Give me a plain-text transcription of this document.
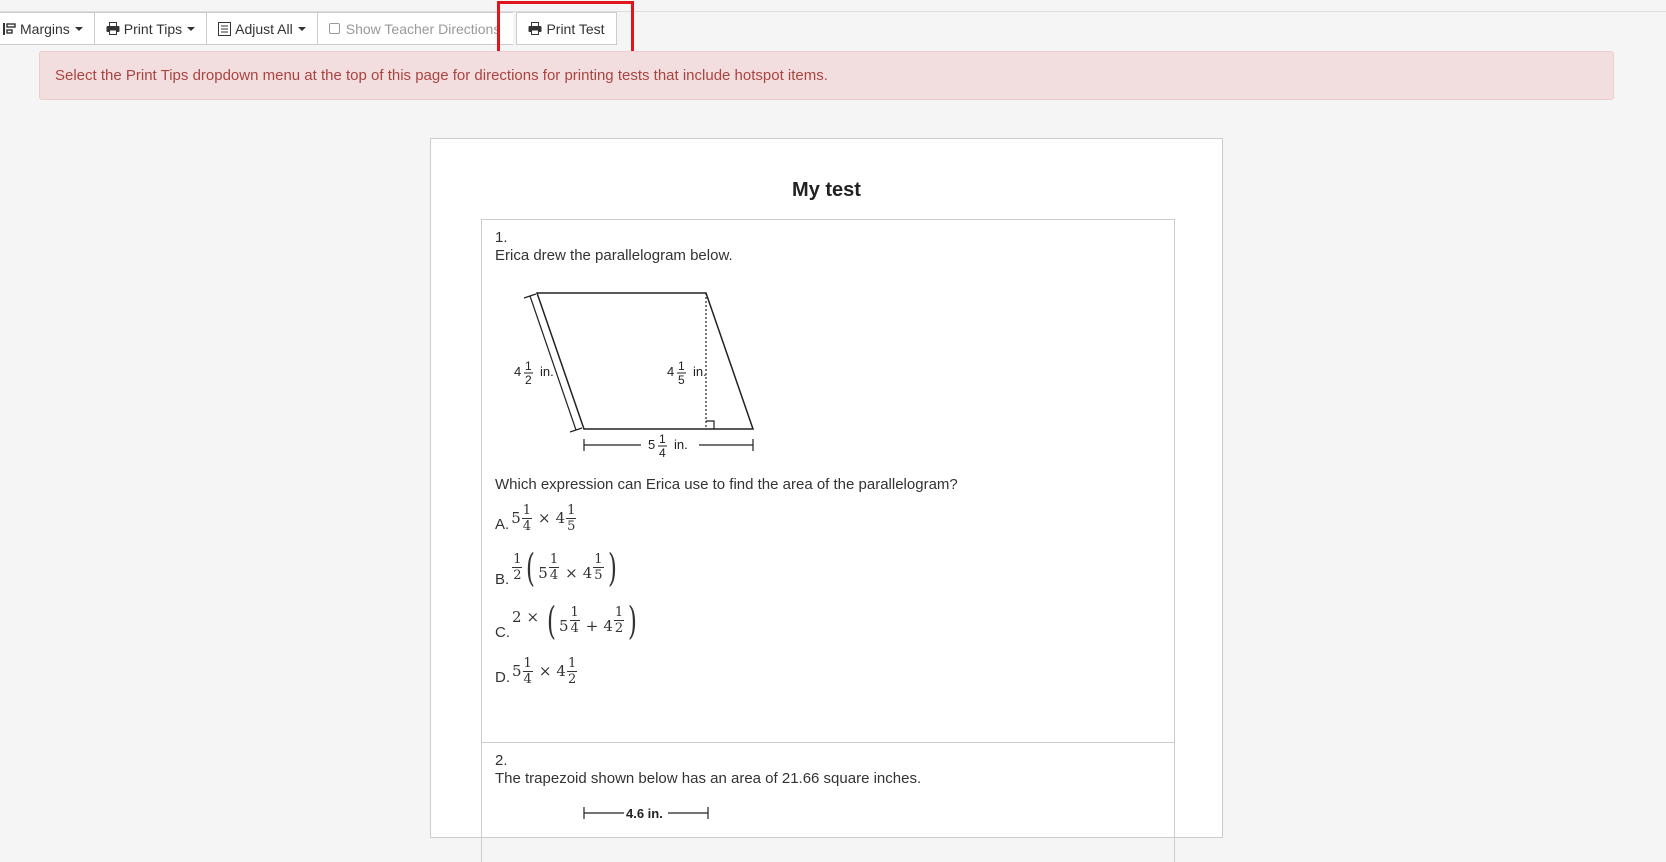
Margins	Print Tips	Adjust All	Show Teacher Directions	Print Test
Select the Print Tips dropdown menu at the top of this page for directions for printing tests that include hotspot items.
My test
1.
Erica drew the parallelogram below.
4 1
2
in.	4 1
5
in.
5 1
4
in.
Which expression can Erica use to find the area of the parallelogram?
A. $5 \frac{1}{4} \times 4 \frac{1}{5}$
B. $\frac{1}{2}$ ( $5 \frac{1}{4} \times 4 \frac{1}{5}$ )
C.
2 × ( $5 \frac{1}{4} + 4 \frac{1}{2}$ )
D. $5 \frac{1}{4} \times 4 \frac{1}{2}$
2.
The trapezoid shown below has an area of 21.66 square inches.
4.6 in.
